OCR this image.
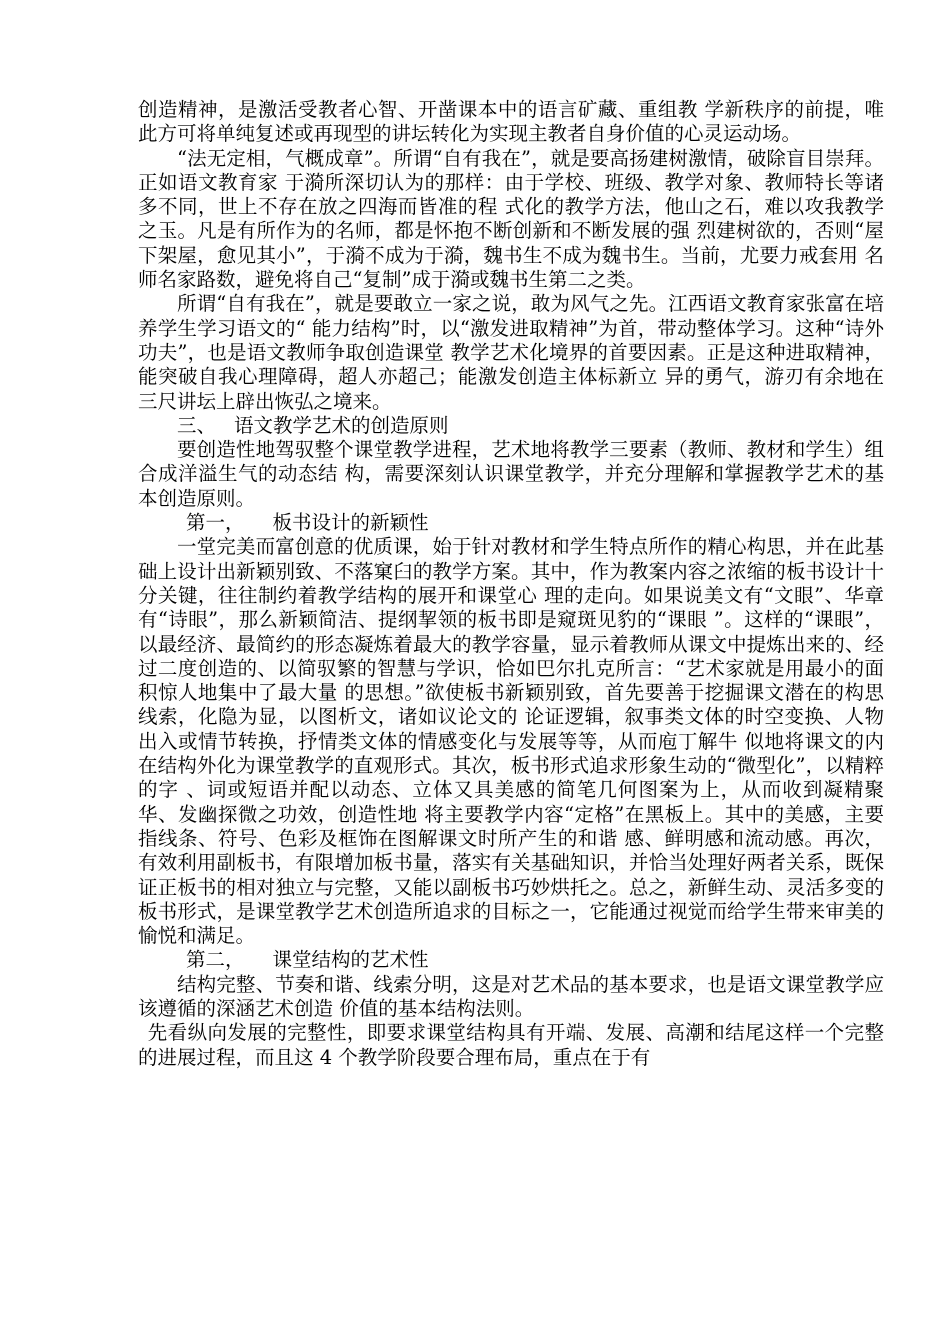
创造精神，是激活受教者心智、开凿课本中的语言矿藏、重组教 学新秩序的前提，唯此方可将单纯复述或再现型的讲坛转化为实现主教者自身价值的心灵运动场。

“法无定相，气概成章”。所谓“自有我在”，就是要高扬建树激情，破除盲目崇拜。正如语文教育家 于漪所深切认为的那样：由于学校、班级、教学对象、教师特长等诸多不同，世上不存在放之四海而皆准的程 式化的教学方法，他山之石，难以攻我教学之玉。凡是有所作为的名师，都是怀抱不断创新和不断发展的强 烈建树欲的，否则“屋下架屋，愈见其小”，于漪不成为于漪，魏书生不成为魏书生。当前，尤要力戒套用 名师名家路数，避免将自己“复制”成于漪或魏书生第二之类。

所谓“自有我在”，就是要敢立一家之说，敢为风气之先。江西语文教育家张富在培养学生学习语文的“ 能力结构”时，以“激发进取精神”为首，带动整体学习。这种“诗外功夫”，也是语文教师争取创造课堂 教学艺术化境界的首要因素。正是这种进取精神，能突破自我心理障碍，超人亦超己；能激发创造主体标新立 异的勇气，游刃有余地在三尺讲坛上辟出恢弘之境来。

三、 语文教学艺术的创造原则

要创造性地驾驭整个课堂教学进程，艺术地将教学三要素（教师、教材和学生）组合成洋溢生气的动态结 构，需要深刻认识课堂教学，并充分理解和掌握教学艺术的基本创造原则。

第一， 板书设计的新颖性

一堂完美而富创意的优质课，始于针对教材和学生特点所作的精心构思，并在此基础上设计出新颖别致、不落窠臼的教学方案。其中，作为教案内容之浓缩的板书设计十分关键，往往制约着教学结构的展开和课堂心 理的走向。如果说美文有“文眼”、华章有“诗眼”，那么新颖简洁、提纲挈领的板书即是窥斑见豹的“课眼 ”。这样的“课眼”，以最经济、最简约的形态凝炼着最大的教学容量，显示着教师从课文中提炼出来的、经 过二度创造的、以简驭繁的智慧与学识，恰如巴尔扎克所言：“艺术家就是用最小的面积惊人地集中了最大量 的思想。”欲使板书新颖别致，首先要善于挖掘课文潜在的构思线索，化隐为显，以图析文，诸如议论文的 论证逻辑，叙事类文体的时空变换、人物出入或情节转换，抒情类文体的情感变化与发展等等，从而庖丁解牛 似地将课文的内在结构外化为课堂教学的直观形式。其次，板书形式追求形象生动的“微型化”，以精粹的字 、词或短语并配以动态、立体又具美感的简笔几何图案为上，从而收到凝精聚华、发幽探微之功效，创造性地 将主要教学内容“定格”在黑板上。其中的美感，主要指线条、符号、色彩及框饰在图解课文时所产生的和谐 感、鲜明感和流动感。再次，有效利用副板书，有限增加板书量，落实有关基础知识，并恰当处理好两者关系，既保证正板书的相对独立与完整，又能以副板书巧妙烘托之。总之，新鲜生动、灵活多变的板书形式，是课堂教学艺术创造所追求的目标之一，它能通过视觉而给学生带来审美的愉悦和满足。

第二， 课堂结构的艺术性

结构完整、节奏和谐、线索分明，这是对艺术品的基本要求，也是语文课堂教学应该遵循的深涵艺术创造 价值的基本结构法则。

先看纵向发展的完整性，即要求课堂结构具有开端、发展、高潮和结尾这样一个完整的进展过程，而且这 4 个教学阶段要合理布局，重点在于有
